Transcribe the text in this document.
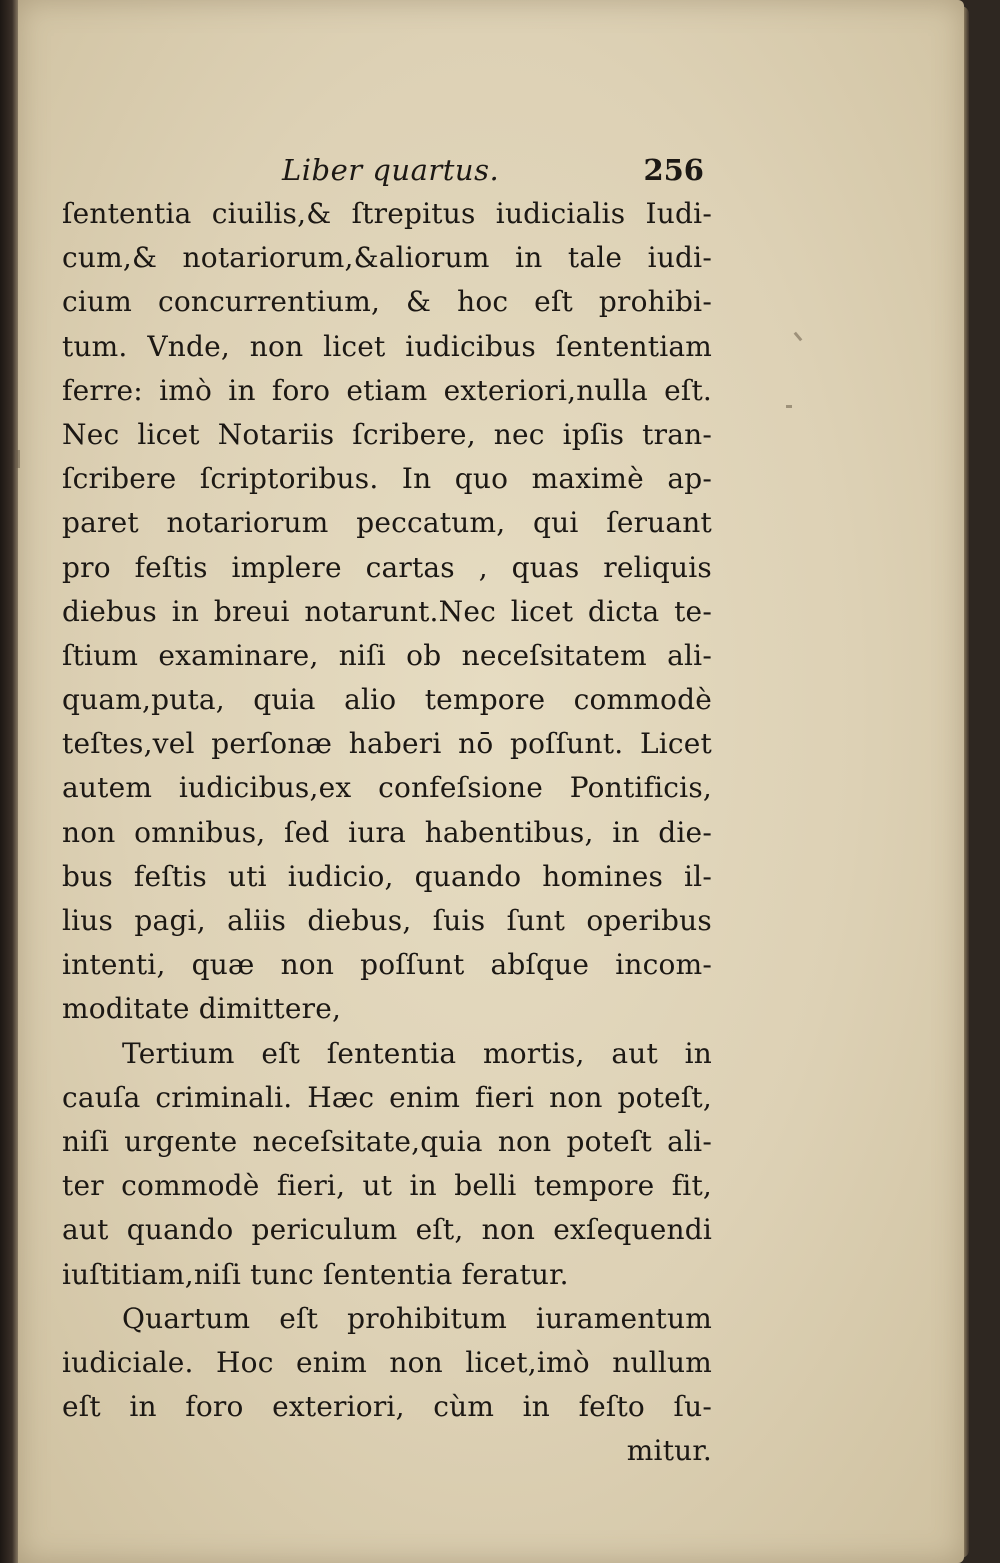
Liber quartus.	256
ſententia ciuilis,& ſtrepitus iudicialis Iudi-
cum,& notariorum,&aliorum in tale iudi-
cium concurrentium, & hoc eſt prohibi-
tum. Vnde, non licet iudicibus ſententiam
ferre: imò in foro etiam exteriori,nulla eſt.
Nec licet Notariis ſcribere, nec ipſis tran-
ſcribere ſcriptoribus. In quo maximè ap-
paret notariorum peccatum, qui ſeruant
pro feſtis implere cartas , quas reliquis
diebus in breui notarunt.Nec licet dicta te-
ſtium examinare, niſi ob neceſsitatem ali-
quam,puta, quia alio tempore commodè
teſtes,vel perſonæ haberi nō poſſunt. Licet
autem iudicibus,ex confeſsione Pontificis,
non omnibus, ſed iura habentibus, in die-
bus feſtis uti iudicio, quando homines il-
lius pagi, aliis diebus, ſuis ſunt operibus
intenti, quæ non poſſunt abſque incom-
moditate dimittere,
Tertium eſt ſententia mortis, aut in
cauſa criminali. Hæc enim fieri non poteſt,
niſi urgente neceſsitate,quia non poteſt ali-
ter commodè fieri, ut in belli tempore fit,
aut quando periculum eſt, non exſequendi
iuſtitiam,niſi tunc ſententia feratur.
Quartum eſt prohibitum iuramentum
iudiciale. Hoc enim non licet,imò nullum
eſt in foro exteriori, cùm in feſto ſu-
mitur.
